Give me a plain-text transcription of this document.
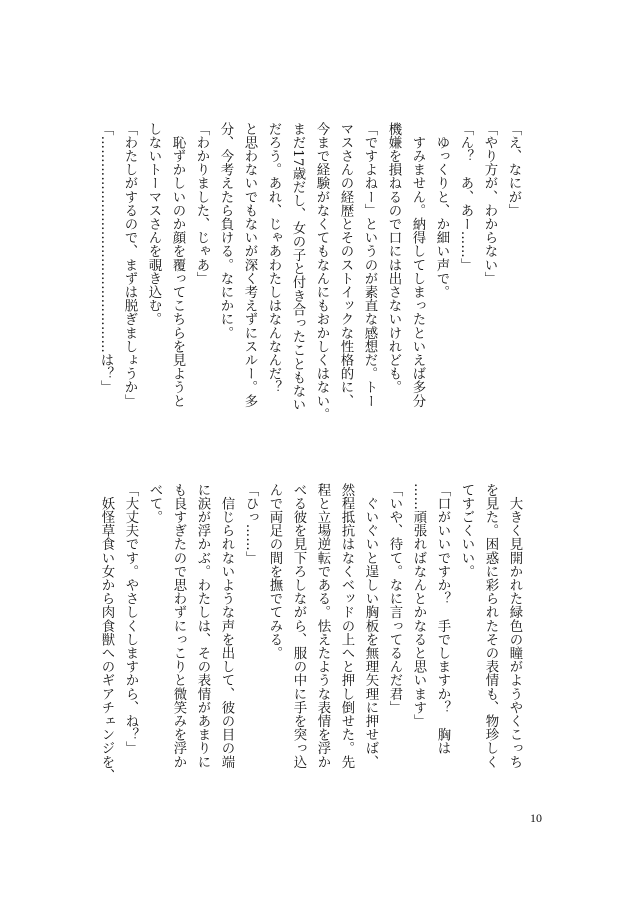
「え、なにが」
「やり方が、わからない」
「ん？　あ、あー……」
　ゆっくりと、か細い声で。
　すみません。納得してしまったといえば多分
機嫌を損ねるので口には出さないけれども。
「ですよねー」というのが素直な感想だ。トー
マスさんの経歴とそのストイックな性格的に、
今まで経験がなくてもなんにもおかしくはない。
まだ17歳だし、女の子と付き合ったこともない
だろう。あれ、じゃあわたしはなんなんだ？
と思わないでもないが深く考えずにスルー。多
分、今考えたら負ける。なにかに。
「わかりました、じゃあ」
　恥ずかしいのか顔を覆ってこちらを見ようと
しないトーマスさんを覗き込む。
「わたしがするので、まずは脱ぎましょうか」
「…………………………………………は？」
　大きく見開かれた緑色の瞳がようやくこっち
を見た。困惑に彩られたその表情も、物珍しく
てすごくいい。
「口がいいですか？　手でしますか？　胸は
……頑張ればなんとかなると思います」
「いや、待て。なに言ってるんだ君」
　ぐいぐいと逞しい胸板を無理矢理に押せば、
然程抵抗はなくベッドの上へと押し倒せた。先
程と立場逆転である。怯えたような表情を浮か
べる彼を見下ろしながら、服の中に手を突っ込
んで両足の間を撫でてみる。
「ひっ……」
　信じられないような声を出して、彼の目の端
に涙が浮かぶ。わたしは、その表情があまりに
も良すぎたので思わずにっこりと微笑みを浮か
べて。
「大丈夫です。やさしくしますから、ね？」
　妖怪草食い女から肉食獣へのギアチェンジを、
10
